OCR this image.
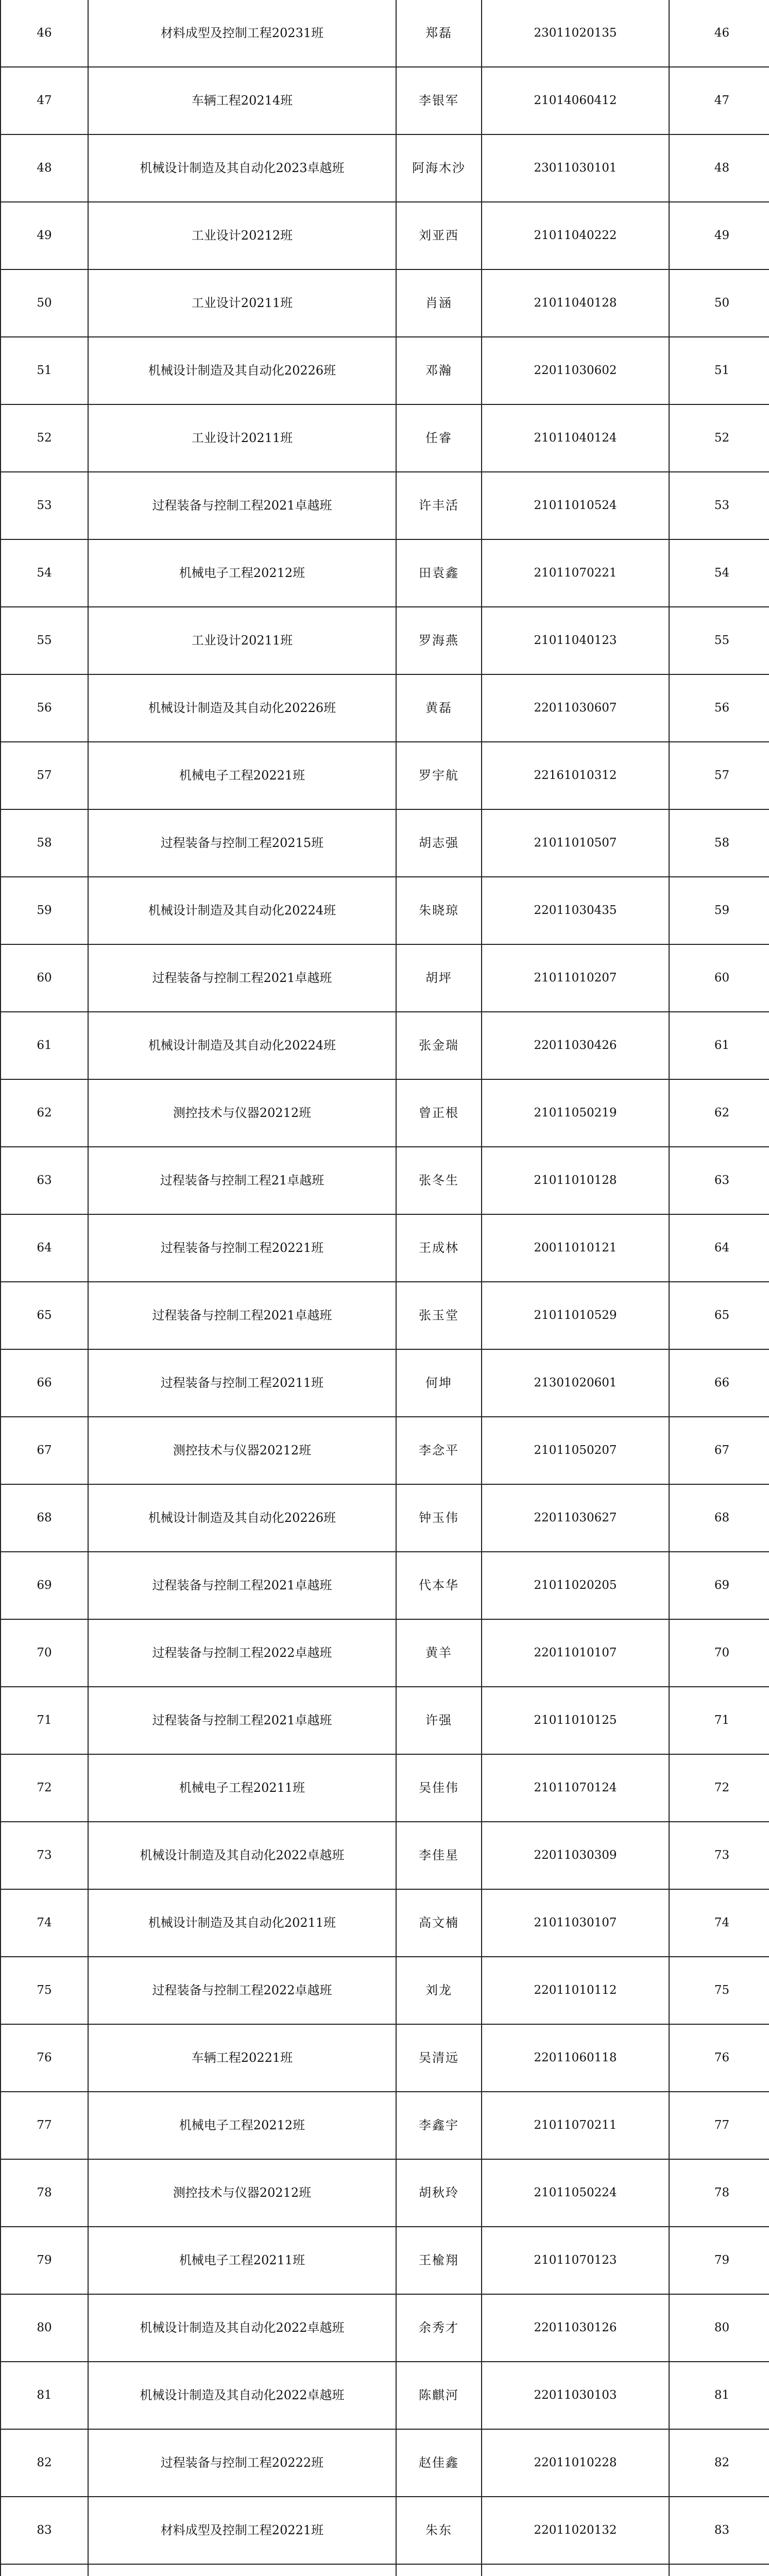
46	材料成型及控制工程20231班	郑磊	23011020135	46
47	车辆工程20214班	李银军	21014060412	47
48	机械设计制造及其自动化2023卓越班	阿海木沙	23011030101	48
49	工业设计20212班	刘亚西	21011040222	49
50	工业设计20211班	肖涵	21011040128	50
51	机械设计制造及其自动化20226班	邓瀚	22011030602	51
52	工业设计20211班	任睿	21011040124	52
53	过程装备与控制工程2021卓越班	许丰活	21011010524	53
54	机械电子工程20212班	田袁鑫	21011070221	54
55	工业设计20211班	罗海燕	21011040123	55
56	机械设计制造及其自动化20226班	黄磊	22011030607	56
57	机械电子工程20221班	罗宇航	22161010312	57
58	过程装备与控制工程20215班	胡志强	21011010507	58
59	机械设计制造及其自动化20224班	朱晓琼	22011030435	59
60	过程装备与控制工程2021卓越班	胡坪	21011010207	60
61	机械设计制造及其自动化20224班	张金瑞	22011030426	61
62	测控技术与仪器20212班	曾正根	21011050219	62
63	过程装备与控制工程21卓越班	张冬生	21011010128	63
64	过程装备与控制工程20221班	王成林	20011010121	64
65	过程装备与控制工程2021卓越班	张玉堂	21011010529	65
66	过程装备与控制工程20211班	何坤	21301020601	66
67	测控技术与仪器20212班	李念平	21011050207	67
68	机械设计制造及其自动化20226班	钟玉伟	22011030627	68
69	过程装备与控制工程2021卓越班	代本华	21011020205	69
70	过程装备与控制工程2022卓越班	黄羊	22011010107	70
71	过程装备与控制工程2021卓越班	许强	21011010125	71
72	机械电子工程20211班	吴佳伟	21011070124	72
73	机械设计制造及其自动化2022卓越班	李佳星	22011030309	73
74	机械设计制造及其自动化20211班	高文楠	21011030107	74
75	过程装备与控制工程2022卓越班	刘龙	22011010112	75
76	车辆工程20221班	吴清远	22011060118	76
77	机械电子工程20212班	李鑫宇	21011070211	77
78	测控技术与仪器20212班	胡秋玲	21011050224	78
79	机械电子工程20211班	王楡翔	21011070123	79
80	机械设计制造及其自动化2022卓越班	余秀才	22011030126	80
81	机械设计制造及其自动化2022卓越班	陈麒河	22011030103	81
82	过程装备与控制工程20222班	赵佳鑫	22011010228	82
83	材料成型及控制工程20221班	朱东	22011020132	83
